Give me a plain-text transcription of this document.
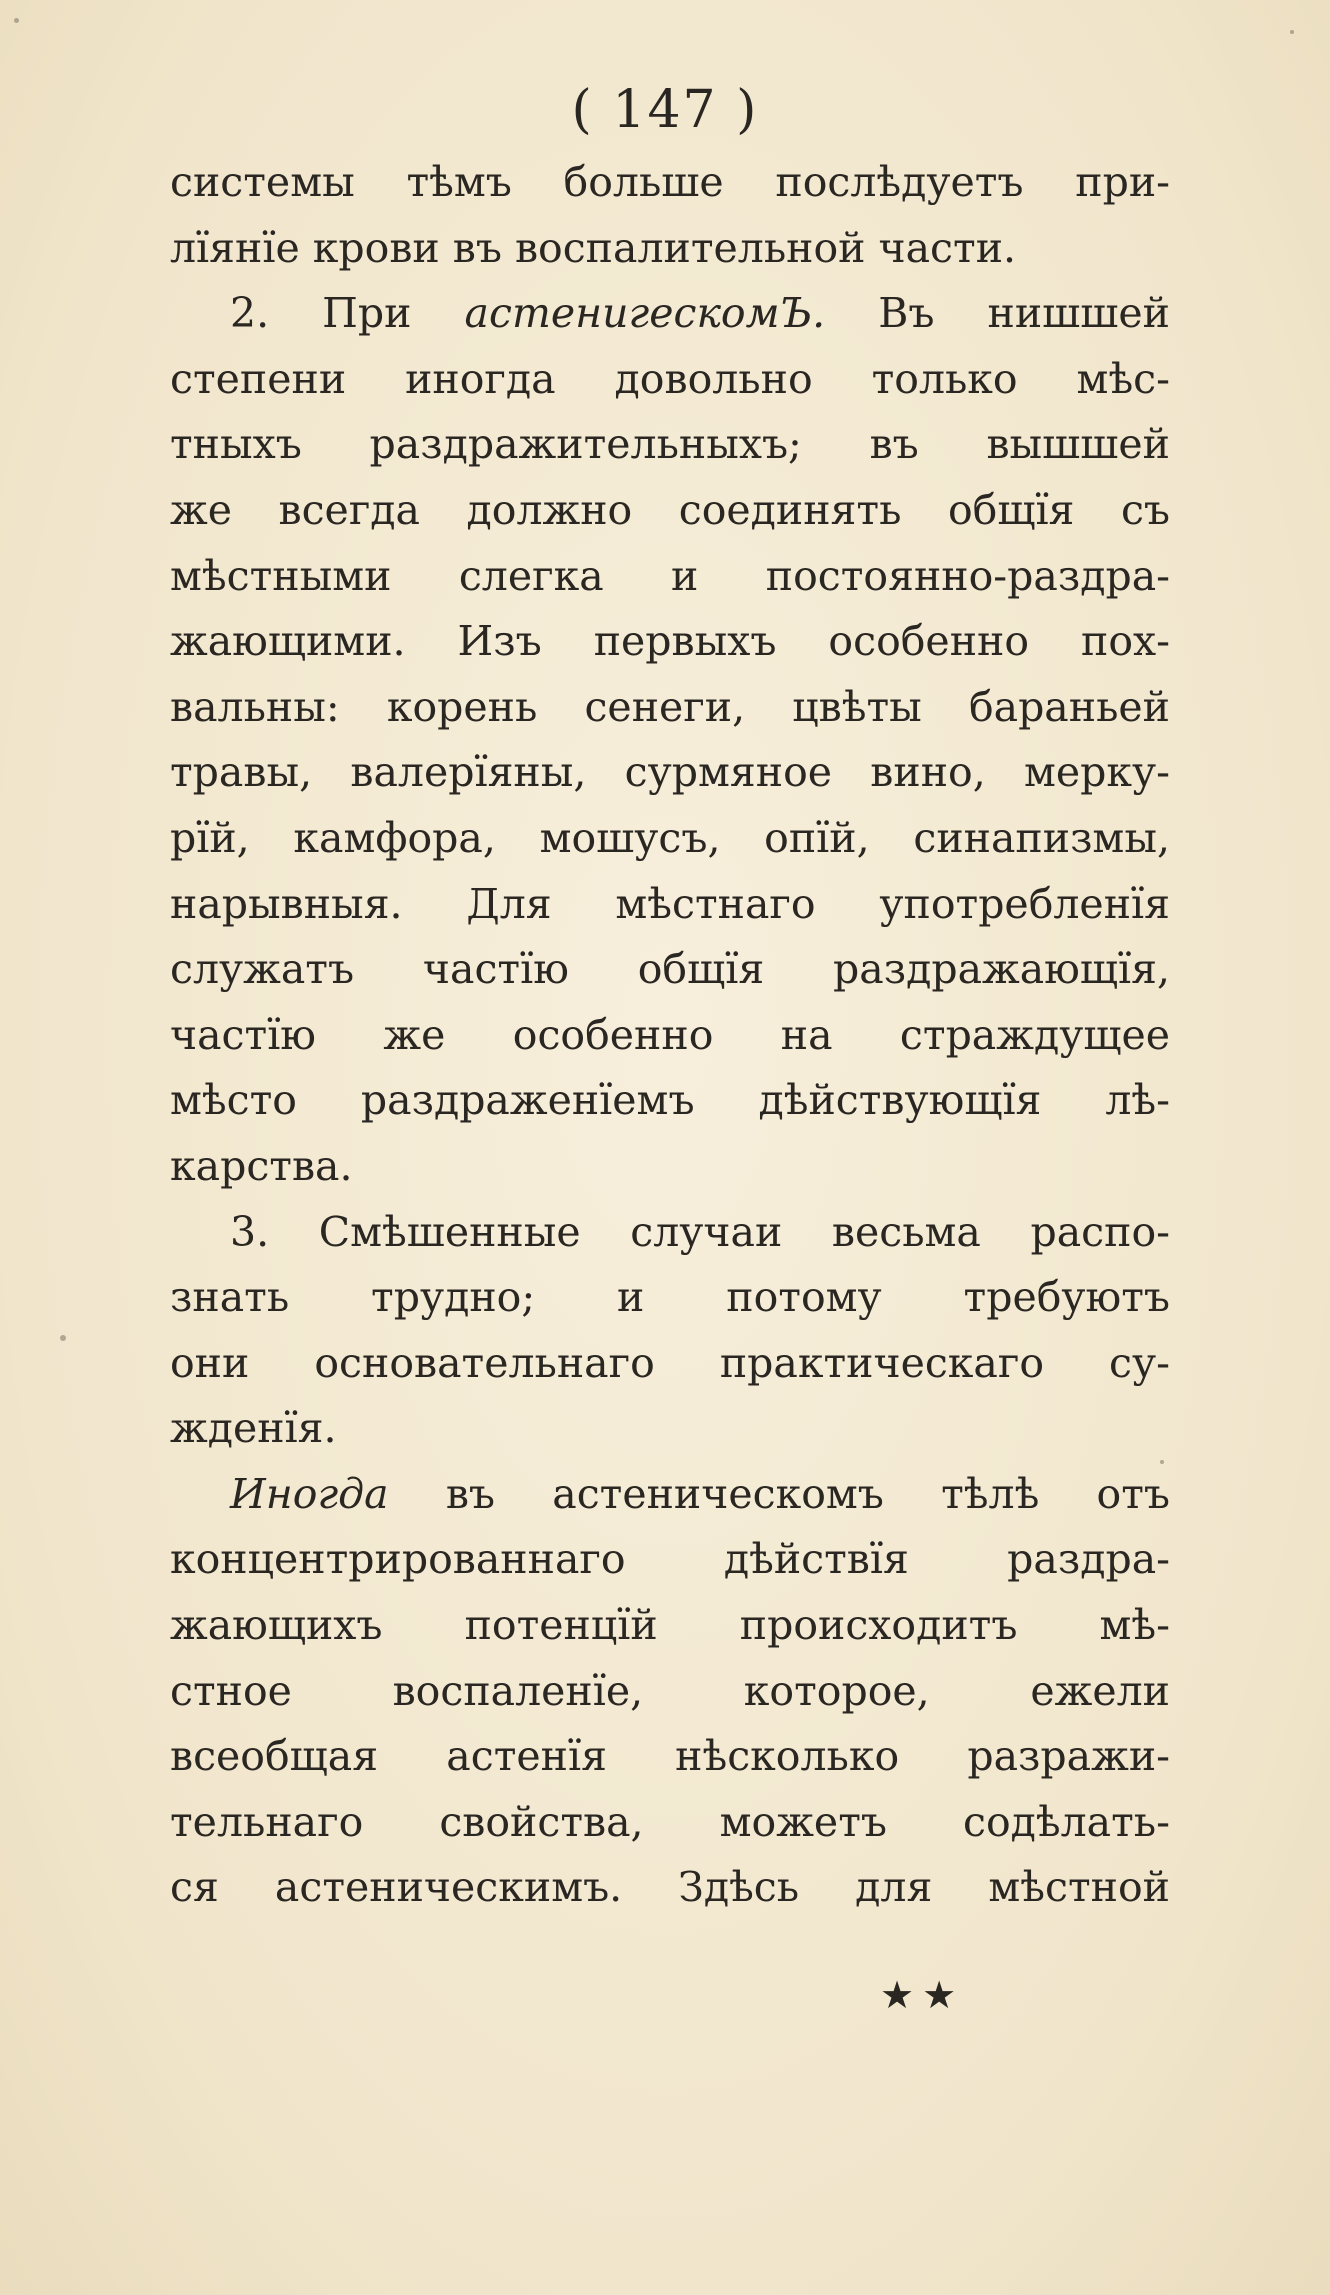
( 147 )
системы тѣмъ больше послѣдуетъ при-
лїянїе крови въ воспалительной части.
2. При астенигескомЪ. Въ нишшей
степени иногда довольно только мѣс-
тныхъ раздражительныхъ; въ вышшей
же всегда должно соединять общїя съ
мѣстными слегка и постоянно-раздра-
жающими. Изъ первыхъ особенно пох-
вальны: корень сенеги, цвѣты бараньей
травы, валерїяны, сурмяное вино, мерку-
рїй, камфора, мошусъ, опїй, синапизмы,
нарывныя. Для мѣстнаго употребленїя
служатъ частїю общїя раздражающїя,
частїю же особенно на страждущее
мѣсто раздраженїемъ дѣйствующїя лѣ-
карства.
3. Смѣшенные случаи весьма распо-
знать трудно; и потому требуютъ
они основательнаго практическаго су-
жденїя.
Иногда въ астеническомъ тѣлѣ отъ
концентрированнаго дѣйствїя раздра-
жающихъ потенцїй происходитъ мѣ-
стное воспаленїе, которое, ежели
всеобщая астенїя нѣсколько разражи-
тельнаго свойства, можетъ содѣлать-
ся астеническимъ. Здѣсь для мѣстной
★★
